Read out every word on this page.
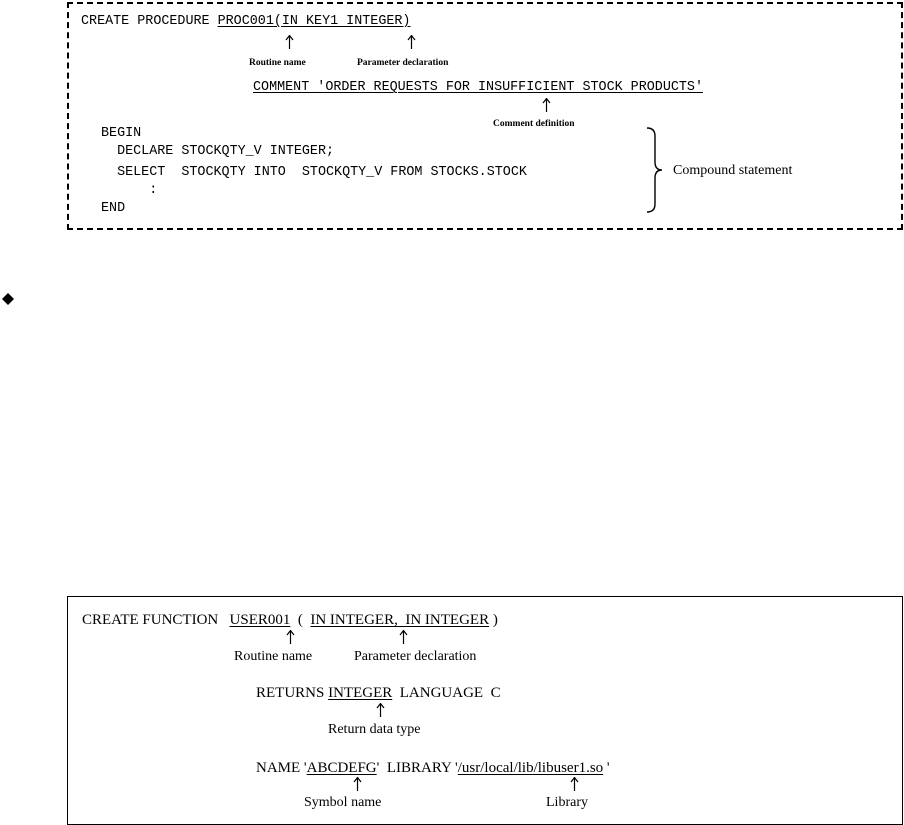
CREATE PROCEDURE PROC001(IN KEY1 INTEGER)
Routine name	Parameter declaration
COMMENT 'ORDER REQUESTS FOR INSUFFICIENT STOCK PRODUCTS'
Comment definition
BEGIN
DECLARE STOCKQTY_V INTEGER;
SELECT  STOCKQTY INTO  STOCKQTY_V FROM STOCKS.STOCK
:
END
Compound statement
CREATE FUNCTION   USER001  (  IN INTEGER,  IN INTEGER )
Routine name	Parameter declaration
RETURNS INTEGER  LANGUAGE  C
Return data type
NAME 'ABCDEFG'  LIBRARY '/usr/local/lib/libuser1.so '
Symbol name	Library
